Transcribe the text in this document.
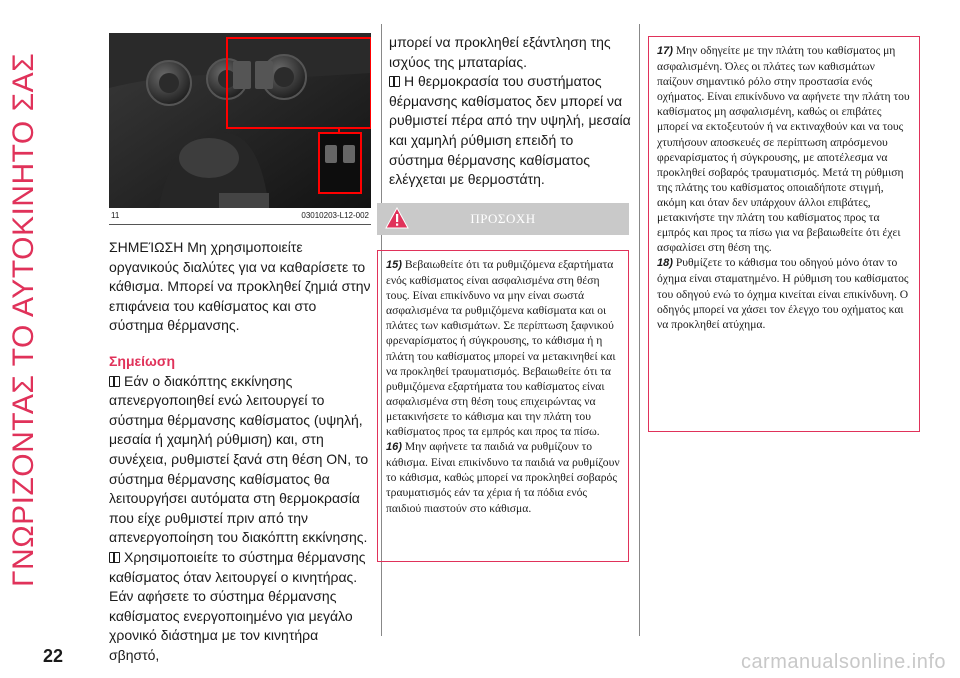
ΓΝΩΡΙΖΟΝΤΑΣ ΤΟ ΑΥΤΟΚΙΝΗΤΟ ΣΑΣ	11	03010203-L12-002

ΣΗΜΕΊΩΣΗ Μη χρησιμοποιείτε οργανικούς διαλύτες για να καθαρίσετε το κάθισμα. Μπορεί να προκληθεί ζημιά στην επιφάνεια του καθίσματος και στο σύστημα θέρμανσης.

Σημείωση

Εάν ο διακόπτης εκκίνησης απενεργοποιηθεί ενώ λειτουργεί το σύστημα θέρμανσης καθίσματος (υψηλή, μεσαία ή χαμηλή ρύθμιση) και, στη συνέχεια, ρυθμιστεί ξανά στη θέση ON, το σύστημα θέρμανσης καθίσματος θα λειτουργήσει αυτόματα στη θερμοκρασία που είχε ρυθμιστεί πριν από την απενεργοποίηση του διακόπτη εκκίνησης.

Χρησιμοποιείτε το σύστημα θέρμανσης καθίσματος όταν λειτουργεί ο κινητήρας. Εάν αφήσετε το σύστημα θέρμανσης καθίσματος ενεργοποιημένο για μεγάλο χρονικό διάστημα με τον κινητήρα σβηστό,

μπορεί να προκληθεί εξάντληση της ισχύος της μπαταρίας.

Η θερμοκρασία του συστήματος θέρμανσης καθίσματος δεν μπορεί να ρυθμιστεί πέρα από την υψηλή, μεσαία και χαμηλή ρύθμιση επειδή το σύστημα θέρμανσης καθίσματος ελέγχεται με θερμοστάτη.

ΠΡΟΣΟΧΗ

15) Βεβαιωθείτε ότι τα ρυθμιζόμενα εξαρτήματα ενός καθίσματος είναι ασφαλισμένα στη θέση τους. Είναι επικίνδυνο να μην είναι σωστά ασφαλισμένα τα ρυθμιζόμενα καθίσματα και οι πλάτες των καθισμάτων. Σε περίπτωση ξαφνικού φρεναρίσματος ή σύγκρουσης, το κάθισμα ή η πλάτη του καθίσματος μπορεί να μετακινηθεί και να προκληθεί τραυματισμός. Βεβαιωθείτε ότι τα ρυθμιζόμενα εξαρτήματα του καθίσματος είναι ασφαλισμένα στη θέση τους επιχειρώντας να μετακινήσετε το κάθισμα και την πλάτη του καθίσματος προς τα εμπρός και προς τα πίσω.

16) Μην αφήνετε τα παιδιά να ρυθμίζουν το κάθισμα. Είναι επικίνδυνο τα παιδιά να ρυθμίζουν το κάθισμα, καθώς μπορεί να προκληθεί σοβαρός τραυματισμός εάν τα χέρια ή τα πόδια ενός παιδιού πιαστούν στο κάθισμα.

17) Μην οδηγείτε με την πλάτη του καθίσματος μη ασφαλισμένη. Όλες οι πλάτες των καθισμάτων παίζουν σημαντικό ρόλο στην προστασία ενός οχήματος. Είναι επικίνδυνο να αφήνετε την πλάτη του καθίσματος μη ασφαλισμένη, καθώς οι επιβάτες μπορεί να εκτοξευτούν ή να εκτιναχθούν και να τους χτυπήσουν αποσκευές σε περίπτωση απρόσμενου φρεναρίσματος ή σύγκρουσης, με αποτέλεσμα να προκληθεί σοβαρός τραυματισμός. Μετά τη ρύθμιση της πλάτης του καθίσματος οποιαδήποτε στιγμή, ακόμη και όταν δεν υπάρχουν άλλοι επιβάτες, μετακινήστε την πλάτη του καθίσματος προς τα εμπρός και προς τα πίσω για να βεβαιωθείτε ότι έχει ασφαλίσει στη θέση της.

18) Ρυθμίζετε το κάθισμα του οδηγού μόνο όταν το όχημα είναι σταματημένο. Η ρύθμιση του καθίσματος του οδηγού ενώ το όχημα κινείται είναι επικίνδυνη. Ο οδηγός μπορεί να χάσει τον έλεγχο του οχήματος και να προκληθεί ατύχημα.

22	carmanualsonline.info
